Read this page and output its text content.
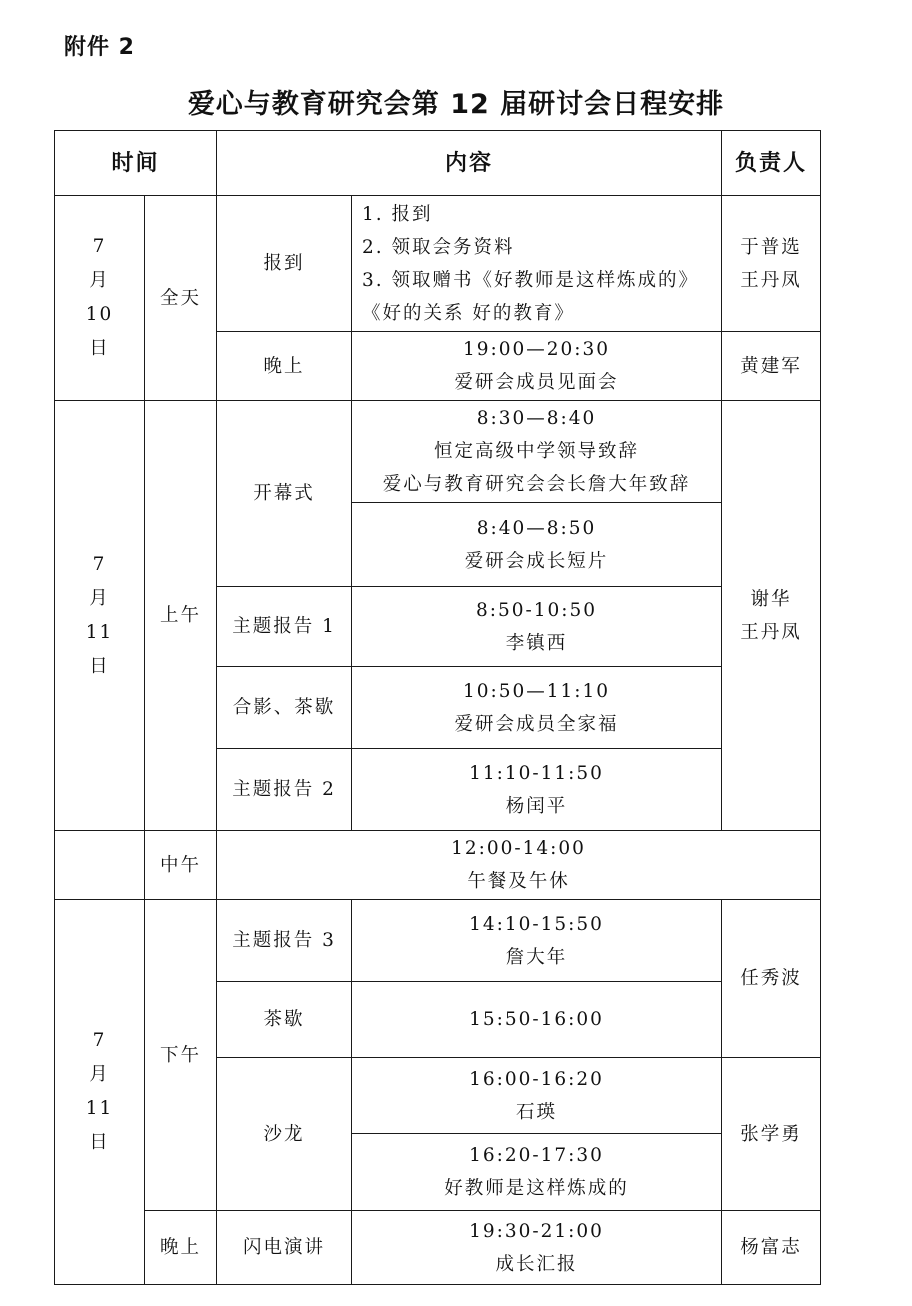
附件 2
爱心与教育研究会第 12 届研讨会日程安排
时间		内容		负责人

7
月
10
日	全天	报到	1. 报到
2. 领取会务资料
3. 领取赠书《好教师是这样炼成的》
《好的关系 好的教育》	于普选
王丹凤

		晚上	19:00—20:30
爱研会成员见面会	黄建军

7
月
11
日	上午	开幕式	8:30—8:40
恒定高级中学领导致辞
爱心与教育研究会会长詹大年致辞	谢华
王丹凤

			8:40—8:50
爱研会成长短片	

		主题报告 1	8:50-10:50
李镇西	

		合影、茶歇	10:50—11:10
爱研会成员全家福	

		主题报告 2	11:10-11:50
杨闰平	

	中午	12:00-14:00
午餐及午休		

7
月
11
日	下午	主题报告 3	14:10-15:50
詹大年	任秀波
		茶歇	15:50-16:00	
		沙龙	16:00-16:20
石瑛	张学勇

			16:20-17:30
好教师是这样炼成的	

	晚上	闪电演讲	19:30-21:00
成长汇报	杨富志
